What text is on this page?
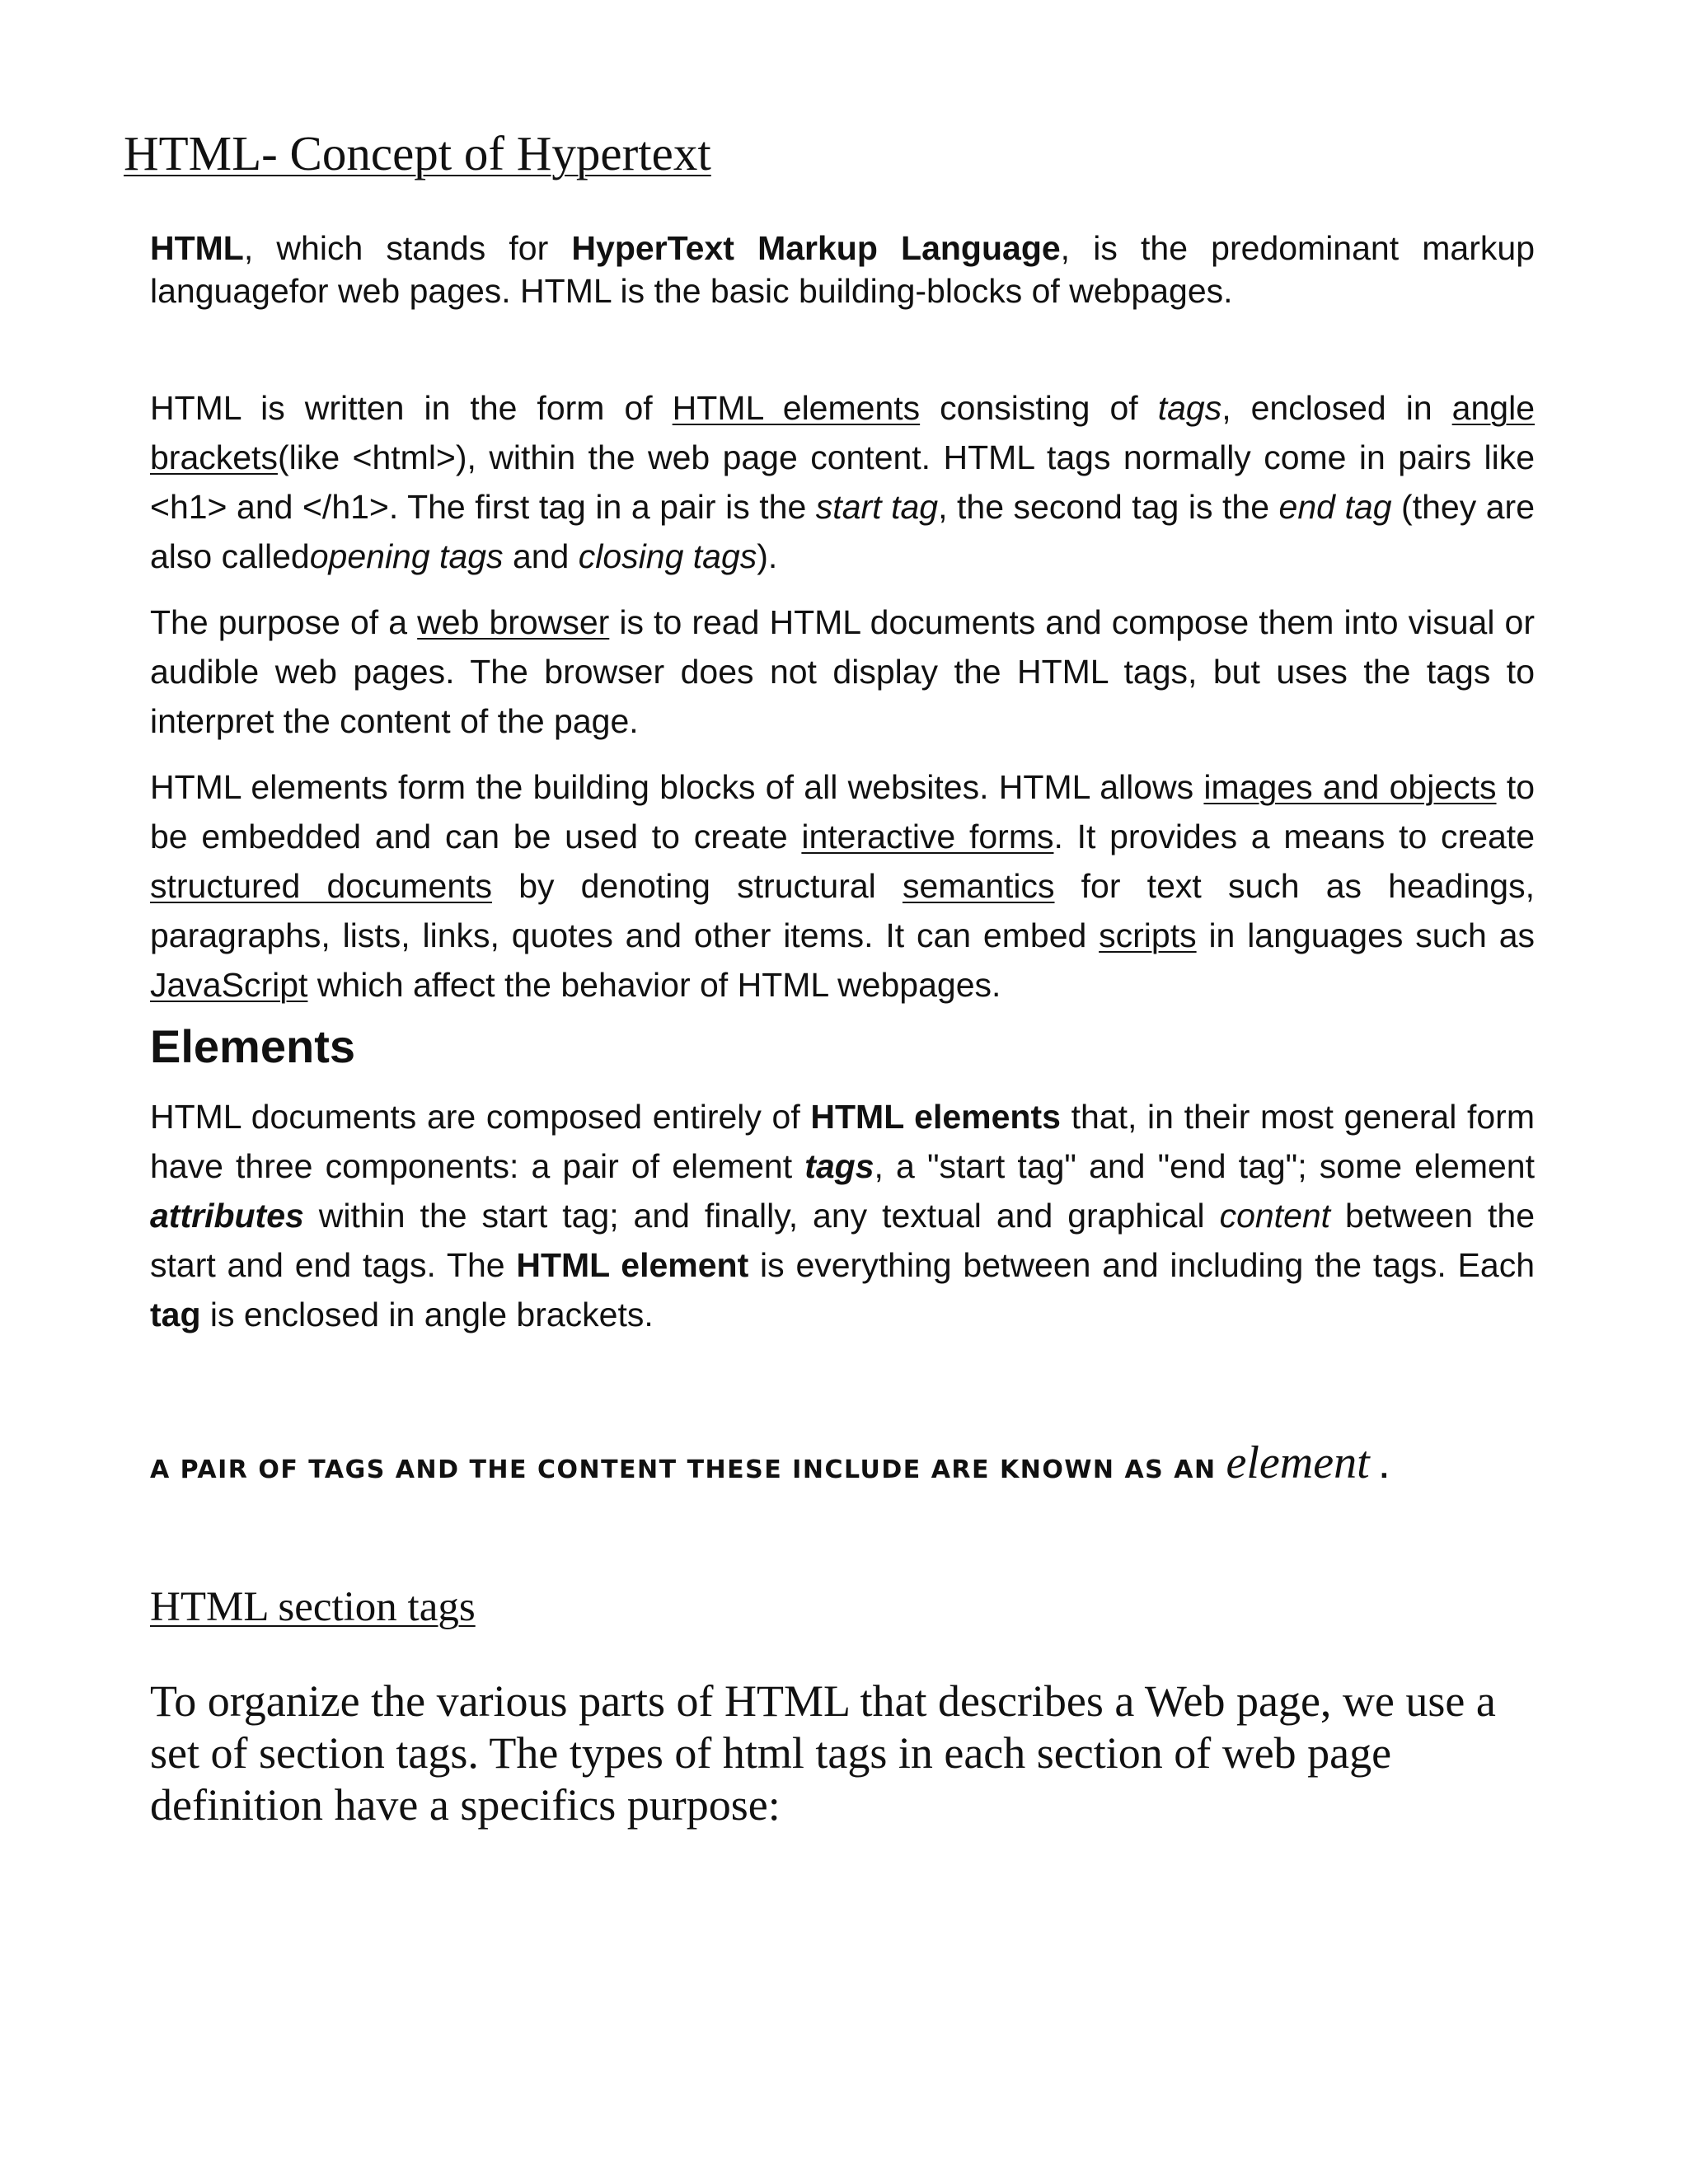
HTML- Concept of Hypertext

HTML, which stands for HyperText Markup Language, is the predominant markup languagefor web pages. HTML is the basic building-blocks of webpages.

HTML is written in the form of HTML elements consisting of tags, enclosed in angle brackets(like <html>), within the web page content. HTML tags normally come in pairs like <h1> and </h1>. The first tag in a pair is the start tag, the second tag is the end tag (they are also calledopening tags and closing tags).

The purpose of a web browser is to read HTML documents and compose them into visual or audible web pages. The browser does not display the HTML tags, but uses the tags to interpret the content of the page.

HTML elements form the building blocks of all websites. HTML allows images and objects to be embedded and can be used to create interactive forms. It provides a means to create structured documents by denoting structural semantics for text such as headings, paragraphs, lists, links, quotes and other items. It can embed scripts in languages such as JavaScript which affect the behavior of HTML webpages.

Elements

HTML documents are composed entirely of HTML elements that, in their most general form have three components: a pair of element tags, a "start tag" and "end tag"; some element attributes within the start tag; and finally, any textual and graphical content between the start and end tags. The HTML element is everything between and including the tags. Each tag is enclosed in angle brackets.

A PAIR OF TAGS AND THE CONTENT THESE INCLUDE ARE KNOWN AS AN element .

HTML section tags

To organize the various parts of HTML that describes a Web page, we use a set of section tags. The types of html tags in each section of web page definition have a specifics purpose:
